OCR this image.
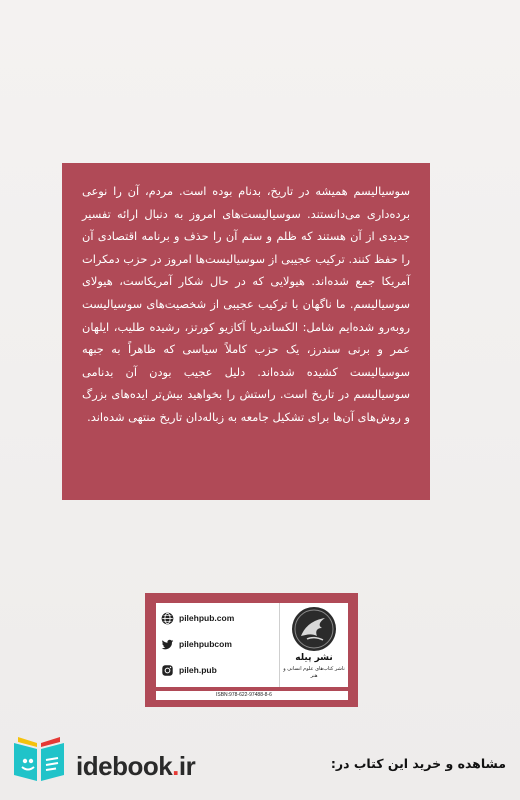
سوسیالیسم همیشه در تاریخ، بدنام بوده است. مردم، آن را نوعی برده‌داری می‌دانستند. سوسیالیست‌های امروز به دنبال ارائه تفسیر جدیدی از آن هستند که ظلم و ستم آن را حذف و برنامه اقتصادی آن را حفظ کنند. ترکیب عجیبی از سوسیالیست‌ها امروز در حزب دمکرات آمریکا جمع شده‌اند. هیولایی که در حال شکار آمریکاست، هیولای سوسیالیسم. ما ناگهان با ترکیب عجیبی از شخصیت‌های سوسیالیست روبه‌رو شده‌ایم شامل: الکساندریا آکازیو کورتز، رشیده طلیب، ایلهان عمر و برنی سندرز، یک حزب کاملاً سیاسی که ظاهراً به جبهه سوسیالیست کشیده شده‌اند. دلیل عجیب بودن آن بدنامی سوسیالیسم در تاریخ است. راستش را بخواهید بیش‌تر ایده‌های بزرگ و روش‌های آن‌ها برای تشکیل جامعه به زباله‌دان تاریخ منتهی شده‌اند.
pilehpub.com
pilehpubcom
pileh.pub
نشر پیله
ناشر کتاب‌های علوم انسانی و هنر
ISBN:978-622-97488-8-6
idebook.ir	مشاهده و خرید این کتاب در:
